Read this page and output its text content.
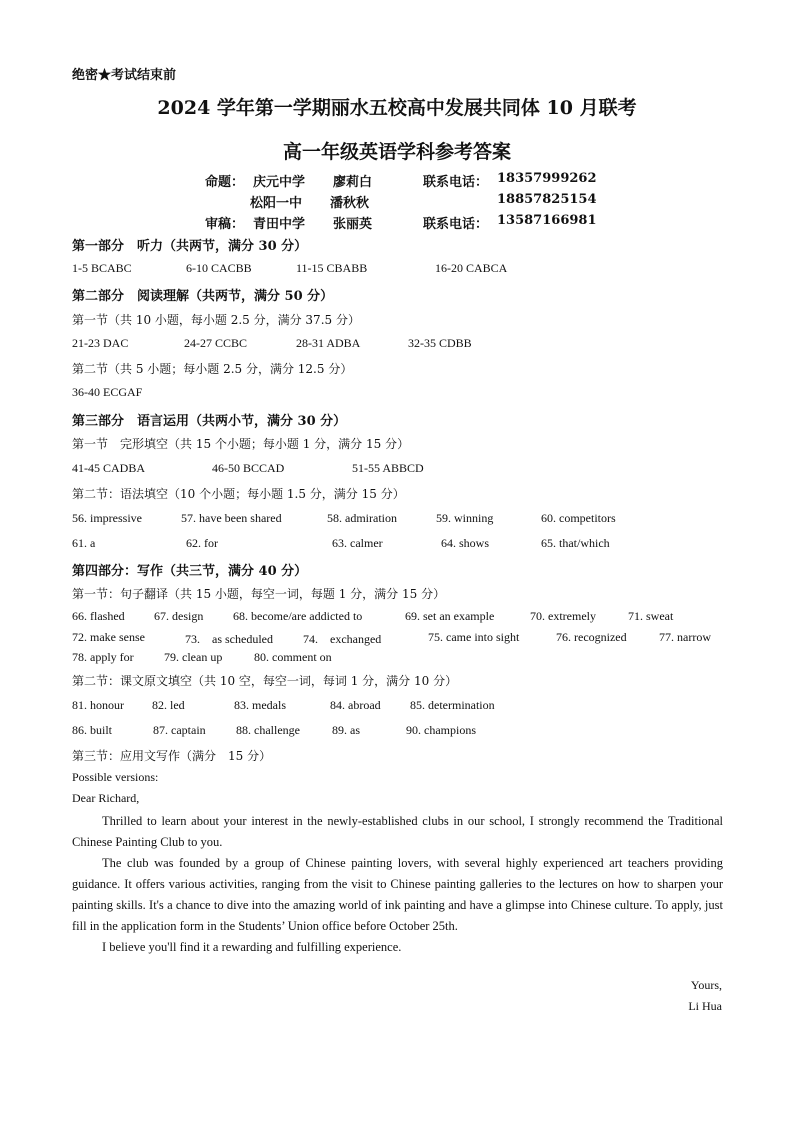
绝密★考试结束前
2024 学年第一学期丽水五校高中发展共同体 10 月联考
高一年级英语学科参考答案
命题： 庆元中学 廖莉白	联系电话： 18357999262
松阳一中 潘秋秋	18857825154
审稿： 青田中学 张丽英	联系电话： 13587166981
第一部分　听力（共两节，满分 30 分）
1-5 BCABC	6-10 CACBB	11-15 CBABB	16-20 CABCA
第二部分　阅读理解（共两节，满分 50 分）
第一节（共 10 小题，每小题 2.5 分，满分 37.5 分）
21-23 DAC	24-27 CCBC	28-31 ADBA	32-35 CDBB
第二节（共 5 小题；每小题 2.5 分，满分 12.5 分）
36-40 ECGAF
第三部分　语言运用（共两小节，满分 30 分）
第一节　完形填空（共 15 个小题；每小题 1 分，满分 15 分）
41-45 CADBA	46-50 BCCAD	51-55 ABBCD
第二节：语法填空（10 个小题；每小题 1.5 分，满分 15 分）
56. impressive	57. have been shared	58. admiration	59. winning	60. competitors
61. a	62. for	63. calmer	64. shows	65. that/which
第四部分：写作（共三节，满分 40 分）
第一节：句子翻译（共 15 小题，每空一词，每题 1 分，满分 15 分）
66. flashed 67. design 68. become/are addicted to	69. set an example	70. extremely	71. sweat
72. make sense	73.　as scheduled	74.　exchanged	75. came into sight	76. recognized	77. narrow
78. apply for	79. clean up	80. comment on
第二节：课文原文填空（共 10 空，每空一词，每词 1 分，满分 10 分）
81. honour 82. led	83. medals	84. abroad 85. determination
86. built	87. captain	88. challenge	89. as	90. champions
第三节：应用文写作（满分　15 分）
Possible versions:
Dear Richard,

Thrilled to learn about your interest in the newly-established clubs in our school, I strongly recommend the Traditional Chinese Painting Club to you.

The club was founded by a group of Chinese painting lovers, with several highly experienced art teachers providing guidance. It offers various activities, ranging from the visit to Chinese painting galleries to the lectures on how to sharpen your painting skills. It's a chance to dive into the amazing world of ink painting and have a glimpse into Chinese culture. To apply, just fill in the application form in the Students’ Union office before October 25th.

I believe you'll find it a rewarding and fulfilling experience.

Yours,
Li Hua
